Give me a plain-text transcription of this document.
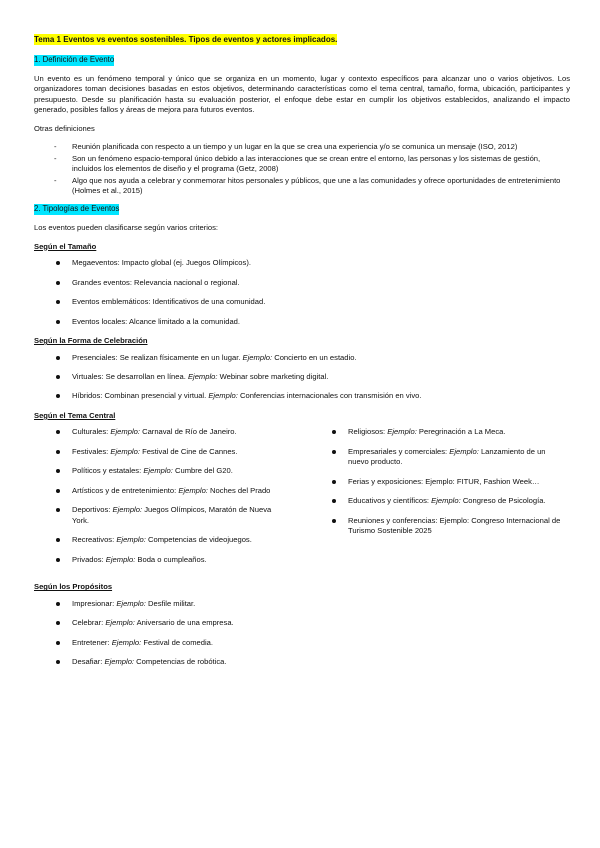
Tema 1 Eventos vs eventos sostenibles. Tipos de eventos y actores implicados.
1. Definición de Evento

Un evento es un fenómeno temporal y único que se organiza en un momento, lugar y contexto específicos para alcanzar uno o varios objetivos. Los organizadores toman decisiones basadas en estos objetivos, determinando características como el tema central, tamaño, forma, ubicación, participantes y presupuesto. Desde su planificación hasta su evaluación posterior, el enfoque debe estar en cumplir los objetivos establecidos, analizando el impacto generado, posibles fallos y áreas de mejora para futuros eventos.

Otras definiciones

- Reunión planificada con respecto a un tiempo y un lugar en la que se crea una experiencia y/o se comunica un mensaje (ISO, 2012)
- Son un fenómeno espacio-temporal único debido a las interacciones que se crean entre el entorno, las personas y los sistemas de gestión, incluidos los elementos de diseño y el programa (Getz, 2008)
- Algo que nos ayuda a celebrar y conmemorar hitos personales y públicos, que une a las comunidades y ofrece oportunidades de entretenimiento (Holmes et al., 2015)
2. Tipologías de Eventos

Los eventos pueden clasificarse según varios criterios:

Según el Tamaño
Megaeventos: Impacto global (ej. Juegos Olímpicos).
Grandes eventos: Relevancia nacional o regional.
Eventos emblemáticos: Identificativos de una comunidad.
Eventos locales: Alcance limitado a la comunidad.
Según la Forma de Celebración
Presenciales: Se realizan físicamente en un lugar. Ejemplo: Concierto en un estadio.
Virtuales: Se desarrollan en línea. Ejemplo: Webinar sobre marketing digital.
Híbridos: Combinan presencial y virtual. Ejemplo: Conferencias internacionales con transmisión en vivo.
Según el Tema Central
Culturales: Ejemplo: Carnaval de Río de Janeiro.
Festivales: Ejemplo: Festival de Cine de Cannes.
Políticos y estatales: Ejemplo: Cumbre del G20.
Artísticos y de entretenimiento: Ejemplo: Noches del Prado
Deportivos: Ejemplo: Juegos Olímpicos, Maratón de Nueva York.
Recreativos: Ejemplo: Competencias de videojuegos.
Privados: Ejemplo: Boda o cumpleaños.
Religiosos: Ejemplo: Peregrinación a La Meca.
Empresariales y comerciales: Ejemplo: Lanzamiento de un nuevo producto.
Ferias y exposiciones: Ejemplo: FITUR, Fashion Week…
Educativos y científicos: Ejemplo: Congreso de Psicología.
Reuniones y conferencias: Ejemplo: Congreso Internacional de Turismo Sostenible 2025
Según los Propósitos
Impresionar: Ejemplo: Desfile militar.
Celebrar: Ejemplo: Aniversario de una empresa.
Entretener: Ejemplo: Festival de comedia.
Desafiar: Ejemplo: Competencias de robótica.
